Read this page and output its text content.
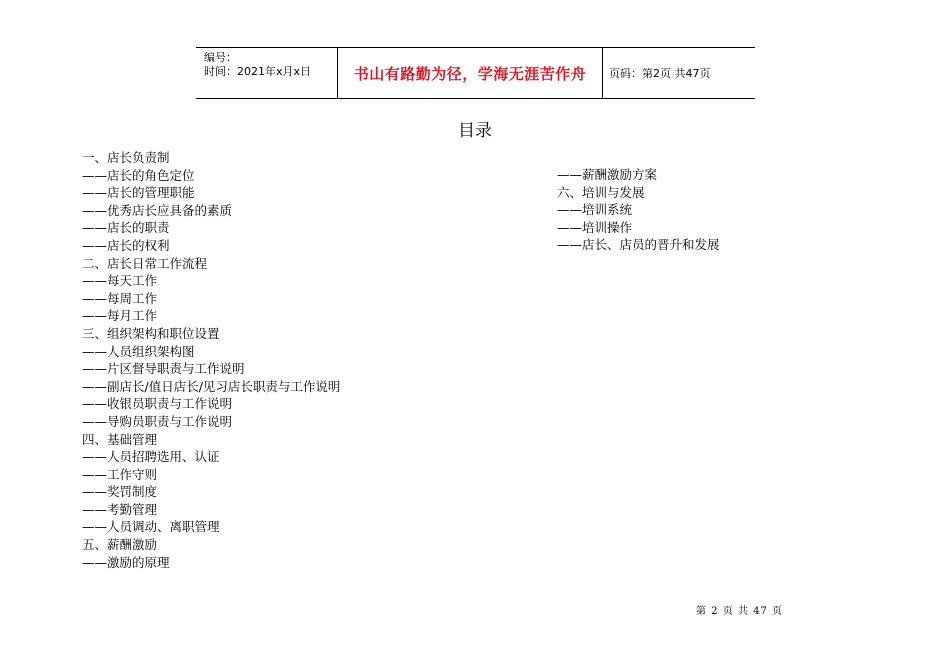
编号：
时间：2021年x月x日	书山有路勤为径，学海无涯苦作舟 页码：第2页 共47页
目录
一、店长负责制
——店长的角色定位
——店长的管理职能
——优秀店长应具备的素质
——店长的职责
——店长的权利
二、店长日常工作流程
——每天工作
——每周工作
——每月工作
三、组织架构和职位设置
——人员组织架构图
——片区督导职责与工作说明
——副店长/值日店长/见习店长职责与工作说明
——收银员职责与工作说明
——导购员职责与工作说明
四、基础管理
——人员招聘选用、认证
——工作守则
——奖罚制度
——考勤管理
——人员调动、离职管理
五、薪酬激励
——激励的原理
——薪酬激励方案
六、培训与发展
——培训系统
——培训操作
——店长、店员的晋升和发展
第 2 页 共 47 页
